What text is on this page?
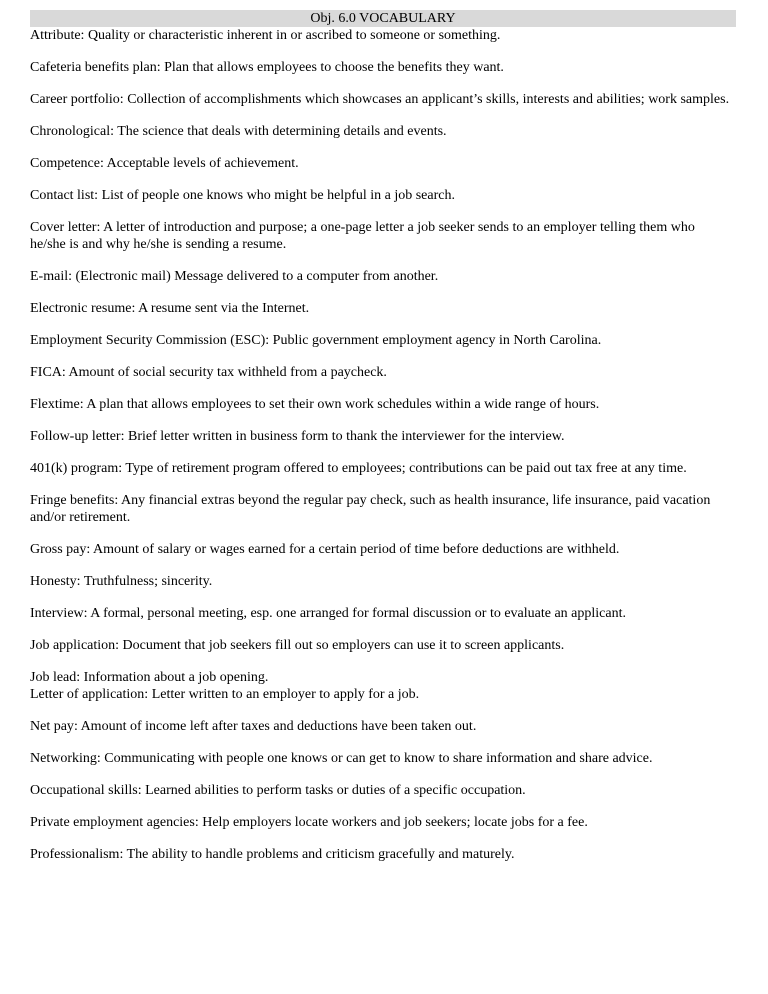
Obj. 6.0 VOCABULARY

Attribute: Quality or characteristic inherent in or ascribed to someone or something.

Cafeteria benefits plan: Plan that allows employees to choose the benefits they want.

Career portfolio: Collection of accomplishments which showcases an applicant’s skills, interests and abilities; work samples.

Chronological: The science that deals with determining details and events.

Competence: Acceptable levels of achievement.

Contact list: List of people one knows who might be helpful in a job search.

Cover letter: A letter of introduction and purpose; a one-page letter a job seeker sends to an employer telling them who he/she is and why he/she is sending a resume.

E-mail: (Electronic mail) Message delivered to a computer from another.

Electronic resume: A resume sent via the Internet.

Employment Security Commission (ESC): Public government employment agency in North Carolina.

FICA: Amount of social security tax withheld from a paycheck.

Flextime: A plan that allows employees to set their own work schedules within a wide range of hours.

Follow-up letter: Brief letter written in business form to thank the interviewer for the interview.

401(k) program: Type of retirement program offered to employees; contributions can be paid out tax free at any time.

Fringe benefits: Any financial extras beyond the regular pay check, such as health insurance, life insurance, paid vacation and/or retirement.

Gross pay: Amount of salary or wages earned for a certain period of time before deductions are withheld.

Honesty: Truthfulness; sincerity.

Interview: A formal, personal meeting, esp. one arranged for formal discussion or to evaluate an applicant.

Job application: Document that job seekers fill out so employers can use it to screen applicants.

Job lead: Information about a job opening.

Letter of application: Letter written to an employer to apply for a job.

Net pay: Amount of income left after taxes and deductions have been taken out.

Networking: Communicating with people one knows or can get to know to share information and share advice.

Occupational skills: Learned abilities to perform tasks or duties of a specific occupation.

Private employment agencies: Help employers locate workers and job seekers; locate jobs for a fee.

Professionalism: The ability to handle problems and criticism gracefully and maturely.
